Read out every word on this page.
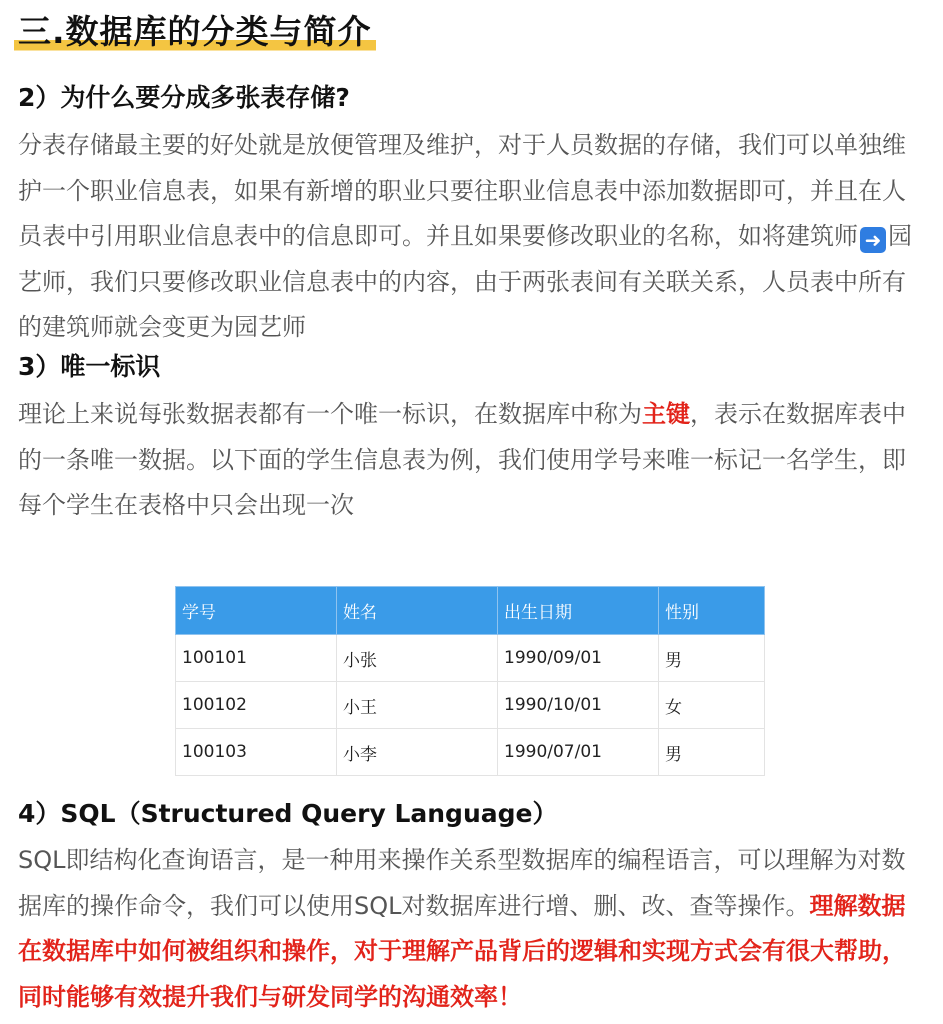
三.数据库的分类与简介
2）为什么要分成多张表存储?

分表存储最主要的好处就是放便管理及维护，对于人员数据的存储，我们可以单独维护一个职业信息表，如果有新增的职业只要往职业信息表中添加数据即可，并且在人员表中引用职业信息表中的信息即可。并且如果要修改职业的名称，如将建筑师 ➜ 园艺师，我们只要修改职业信息表中的内容，由于两张表间有关联关系，人员表中所有的建筑师就会变更为园艺师

3）唯一标识

理论上来说每张数据表都有一个唯一标识，在数据库中称为主键，表示在数据库表中的一条唯一数据。以下面的学生信息表为例，我们使用学号来唯一标记一名学生，即每个学生在表格中只会出现一次

学号	姓名	出生日期	性别
100101	小张	1990/09/01	男
100102	小王	1990/10/01	女
100103	小李	1990/07/01	男
4）SQL（Structured Query Language）

SQL即结构化查询语言，是一种用来操作关系型数据库的编程语言，可以理解为对数据库的操作命令，我们可以使用SQL对数据库进行增、删、改、查等操作。理解数据在数据库中如何被组织和操作，对于理解产品背后的逻辑和实现方式会有很大帮助，同时能够有效提升我们与研发同学的沟通效率！
